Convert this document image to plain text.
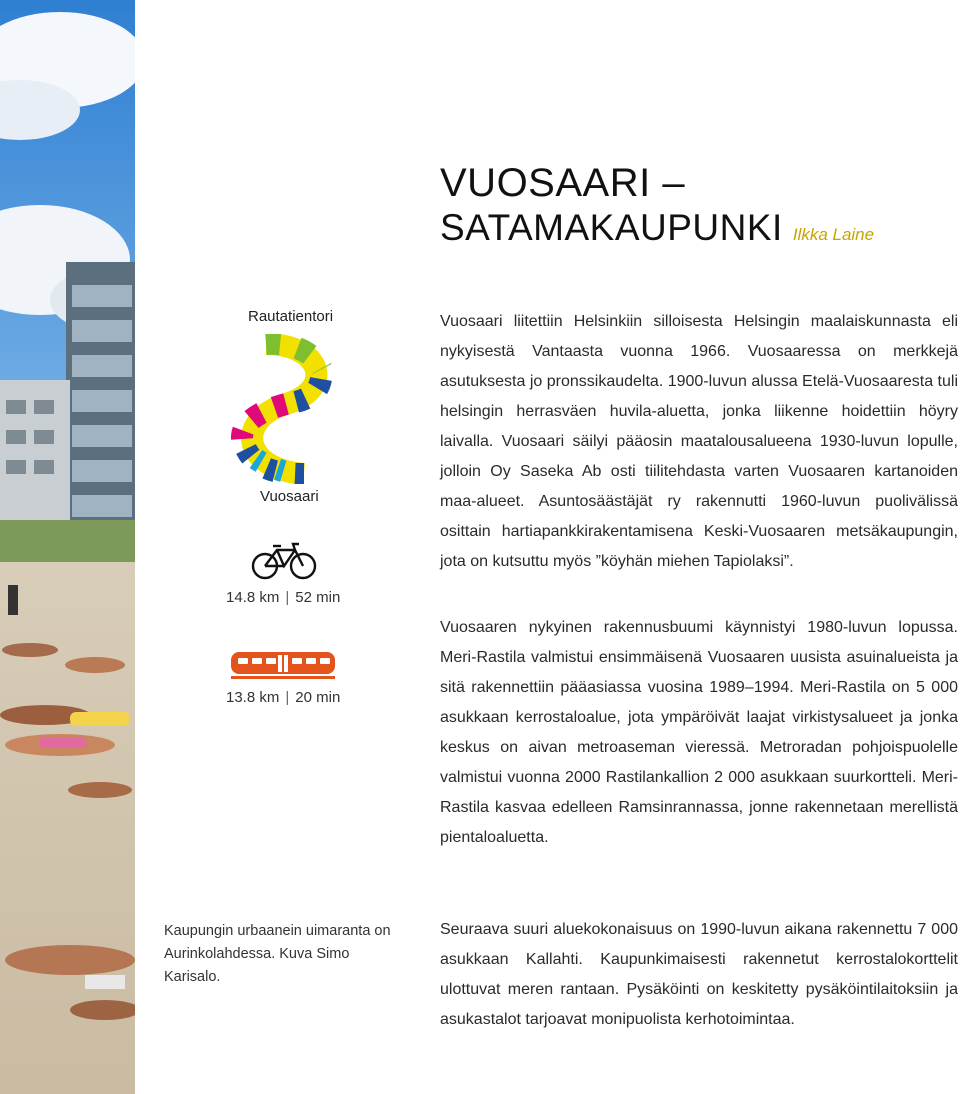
VUOSAARI –
SATAMAKAUPUNKI Ilkka Laine
Rautatientori
Vuosaari
14.8 km | 52 min
13.8 km | 20 min
Kaupungin urbaanein uimaranta on Aurinkolahdessa. Kuva Simo Karisalo.

Vuosaari liitettiin Helsinkiin silloisesta Helsingin maalaiskunnasta eli nykyisestä Vantaasta vuonna 1966. Vuosaaressa on merkkejä asutuksesta jo pronssikaudelta. 1900-luvun alussa Etelä-Vuosaaresta tuli helsingin herrasväen huvila-aluetta, jonka liikenne hoidettiin höyry laivalla. Vuosaari säilyi pääosin maatalousalueena 1930-luvun lopulle, jolloin Oy Saseka Ab osti tiilitehdasta varten Vuosaaren kartanoiden maa-alueet. Asuntosäästäjät ry rakennutti 1960-luvun puolivälissä osittain hartiapankkirakentamisena Keski-Vuosaaren metsäkaupungin, jota on kutsuttu myös ”köyhän miehen Tapiolaksi”.

Vuosaaren nykyinen rakennusbuumi käynnistyi 1980-luvun lopussa. Meri-Rastila valmistui ensimmäisenä Vuosaaren uusista asuinalueista ja sitä rakennettiin pääasiassa vuosina 1989–1994. Meri-Rastila on 5 000 asukkaan kerrostaloalue, jota ympäröivät laajat virkistysalueet ja jonka keskus on aivan metroaseman vieressä. Metroradan pohjoispuolelle valmistui vuonna 2000 Rastilankallion 2 000 asukkaan suurkortteli. Meri-Rastila kasvaa edelleen Ramsinrannassa, jonne rakennetaan merellistä pientaloaluetta.

Seuraava suuri aluekokonaisuus on 1990-luvun aikana rakennettu 7 000 asukkaan Kallahti. Kaupunkimaisesti rakennetut kerrostalokorttelit ulottuvat meren rantaan. Pysäköinti on keskitetty pysäköintilaitoksiin ja asukastalot tarjoavat monipuolista kerhotoimintaa.
